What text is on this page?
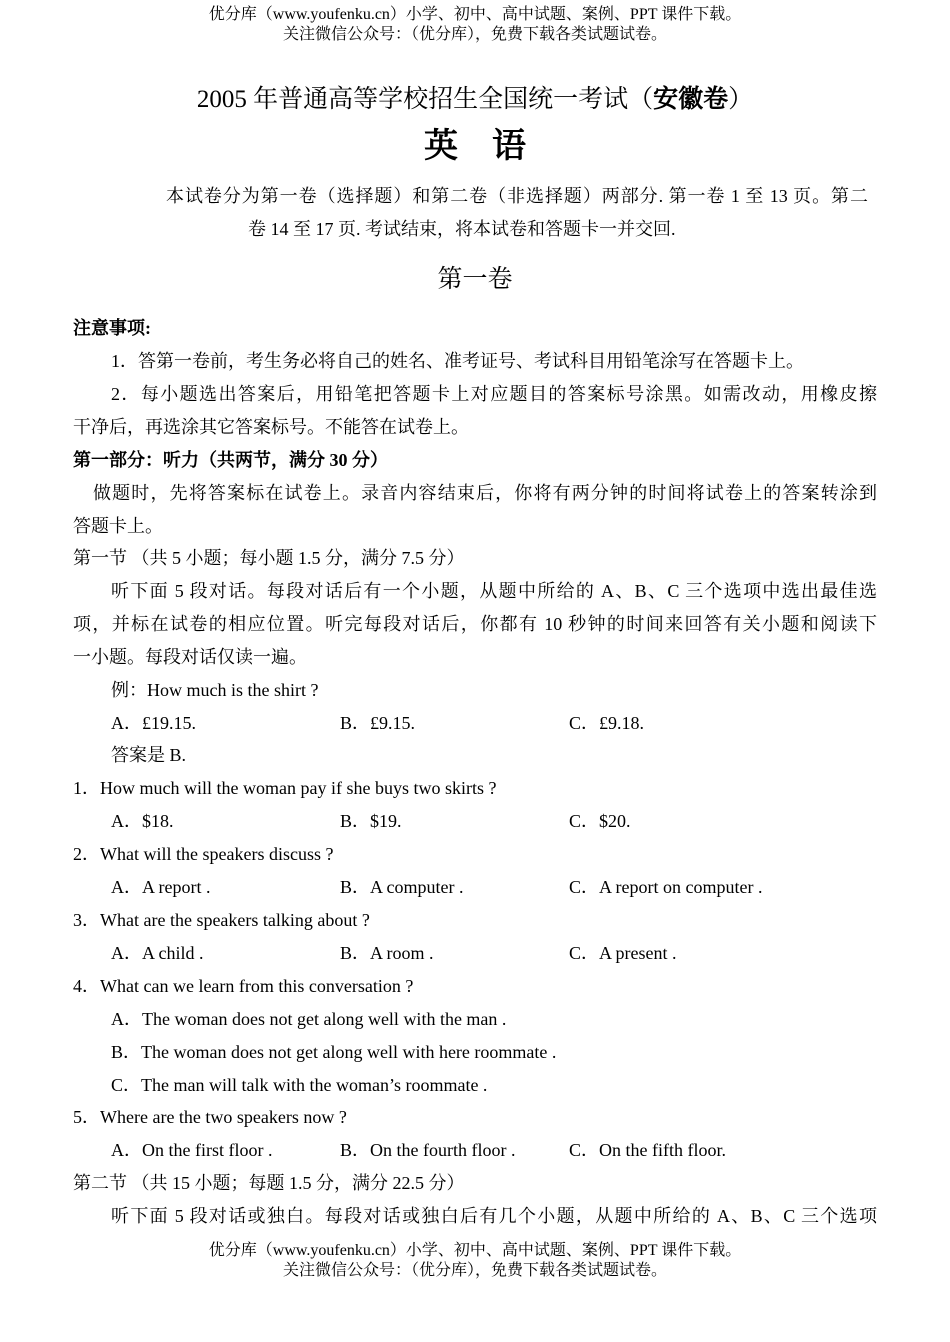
优分库（www.youfenku.cn）小学、初中、高中试题、案例、PPT 课件下载。
关注微信公众号：（优分库），免费下载各类试题试卷。
2005 年普通高等学校招生全国统一考试（安徽卷）
英　语
本试卷分为第一卷（选择题）和第二卷（非选择题）两部分. 第一卷 1 至 13 页。第二
卷 14 至 17 页. 考试结束，将本试卷和答题卡一并交回.
第一卷
注意事项:
1．答第一卷前，考生务必将自己的姓名、准考证号、考试科目用铅笔涂写在答题卡上。
2．每小题选出答案后，用铅笔把答题卡上对应题目的答案标号涂黑。如需改动，用橡皮擦
干净后，再选涂其它答案标号。不能答在试卷上。
第一部分：听力（共两节，满分 30 分）
做题时，先将答案标在试卷上。录音内容结束后，你将有两分钟的时间将试卷上的答案转涂到
答题卡上。
第一节 （共 5 小题；每小题 1.5 分，满分 7.5 分）
听下面 5 段对话。每段对话后有一个小题，从题中所给的 A、B、C 三个选项中选出最佳选
项，并标在试卷的相应位置。听完每段对话后，你都有 10 秒钟的时间来回答有关小题和阅读下
一小题。每段对话仅读一遍。
例：How much is the shirt ?
A．£19.15.	B．£9.15.	C．£9.18.
答案是 B.
1．How much will the woman pay if she buys two skirts ?
A．$18.	B．$19.	C．$20.
2．What will the speakers discuss ?
A．A report .	B．A computer .	C．A report on computer .
3．What are the speakers talking about ?
A．A child .	B．A room .	C．A present .
4．What can we learn from this conversation ?
A．The woman does not get along well with the man .
B．The woman does not get along well with here roommate .
C．The man will talk with the woman’s roommate .
5．Where are the two speakers now ?
A．On the first floor .	B．On the fourth floor .	C．On the fifth floor.
第二节 （共 15 小题；每题 1.5 分，满分 22.5 分）
听下面 5 段对话或独白。每段对话或独白后有几个小题，从题中所给的 A、B、C 三个选项
优分库（www.youfenku.cn）小学、初中、高中试题、案例、PPT 课件下载。
关注微信公众号：（优分库），免费下载各类试题试卷。
